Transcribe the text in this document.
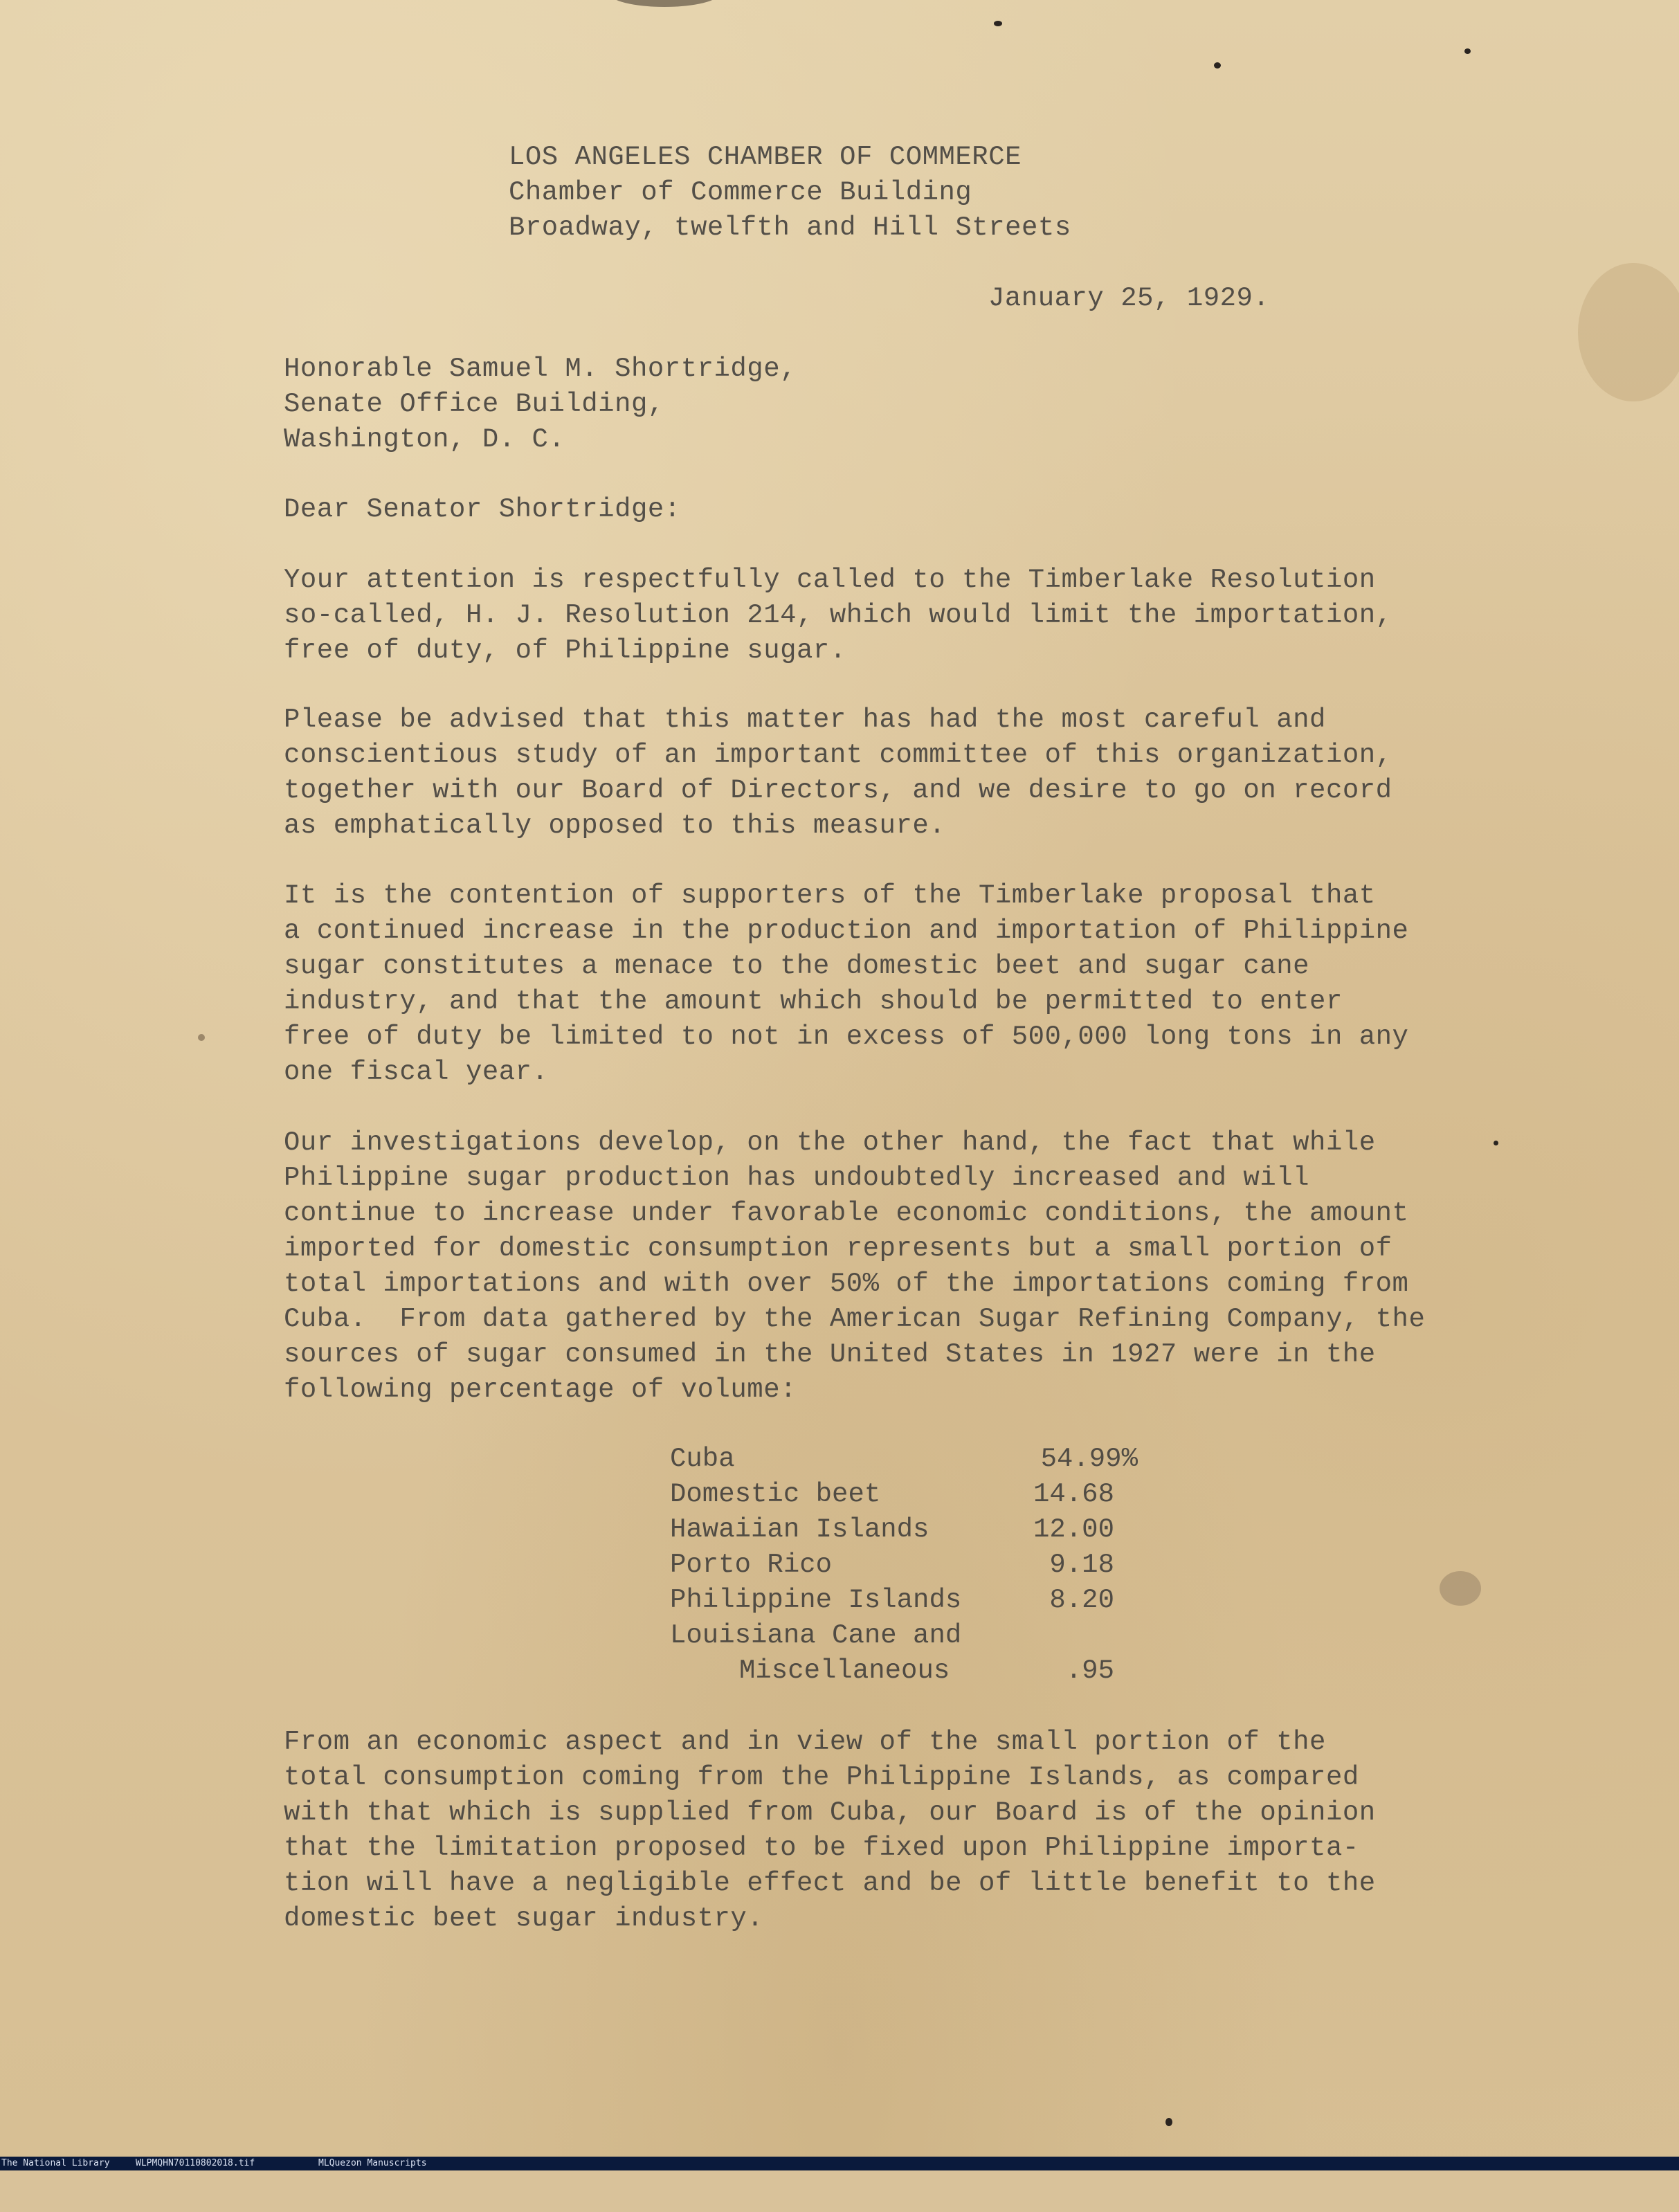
LOS ANGELES CHAMBER OF COMMERCE
Chamber of Commerce Building
Broadway, twelfth and Hill Streets
January 25, 1929.
Honorable Samuel M. Shortridge,
Senate Office Building,
Washington, D. C.
Dear Senator Shortridge:
Your attention is respectfully called to the Timberlake Resolution
so-called, H. J. Resolution 214, which would limit the importation,
free of duty, of Philippine sugar.
Please be advised that this matter has had the most careful and
conscientious study of an important committee of this organization,
together with our Board of Directors, and we desire to go on record
as emphatically opposed to this measure.
It is the contention of supporters of the Timberlake proposal that
a continued increase in the production and importation of Philippine
sugar constitutes a menace to the domestic beet and sugar cane
industry, and that the amount which should be permitted to enter
free of duty be limited to not in excess of 500,000 long tons in any
one fiscal year.
Our investigations develop, on the other hand, the fact that while
Philippine sugar production has undoubtedly increased and will
continue to increase under favorable economic conditions, the amount
imported for domestic consumption represents but a small portion of
total importations and with over 50% of the importations coming from
Cuba.  From data gathered by the American Sugar Refining Company, the
sources of sugar consumed in the United States in 1927 were in the
following percentage of volume:
Cuba	54.99%
Domestic beet	14.68
Hawaiian Islands	12.00
Porto Rico	9.18
Philippine Islands	8.20
Louisiana Cane and
Miscellaneous	.95
From an economic aspect and in view of the small portion of the
total consumption coming from the Philippine Islands, as compared
with that which is supplied from Cuba, our Board is of the opinion
that the limitation proposed to be fixed upon Philippine importa-
tion will have a negligible effect and be of little benefit to the
domestic beet sugar industry.

The National Library

	WLPMQHN70110802018.tif

	MLQuezon Manuscripts
